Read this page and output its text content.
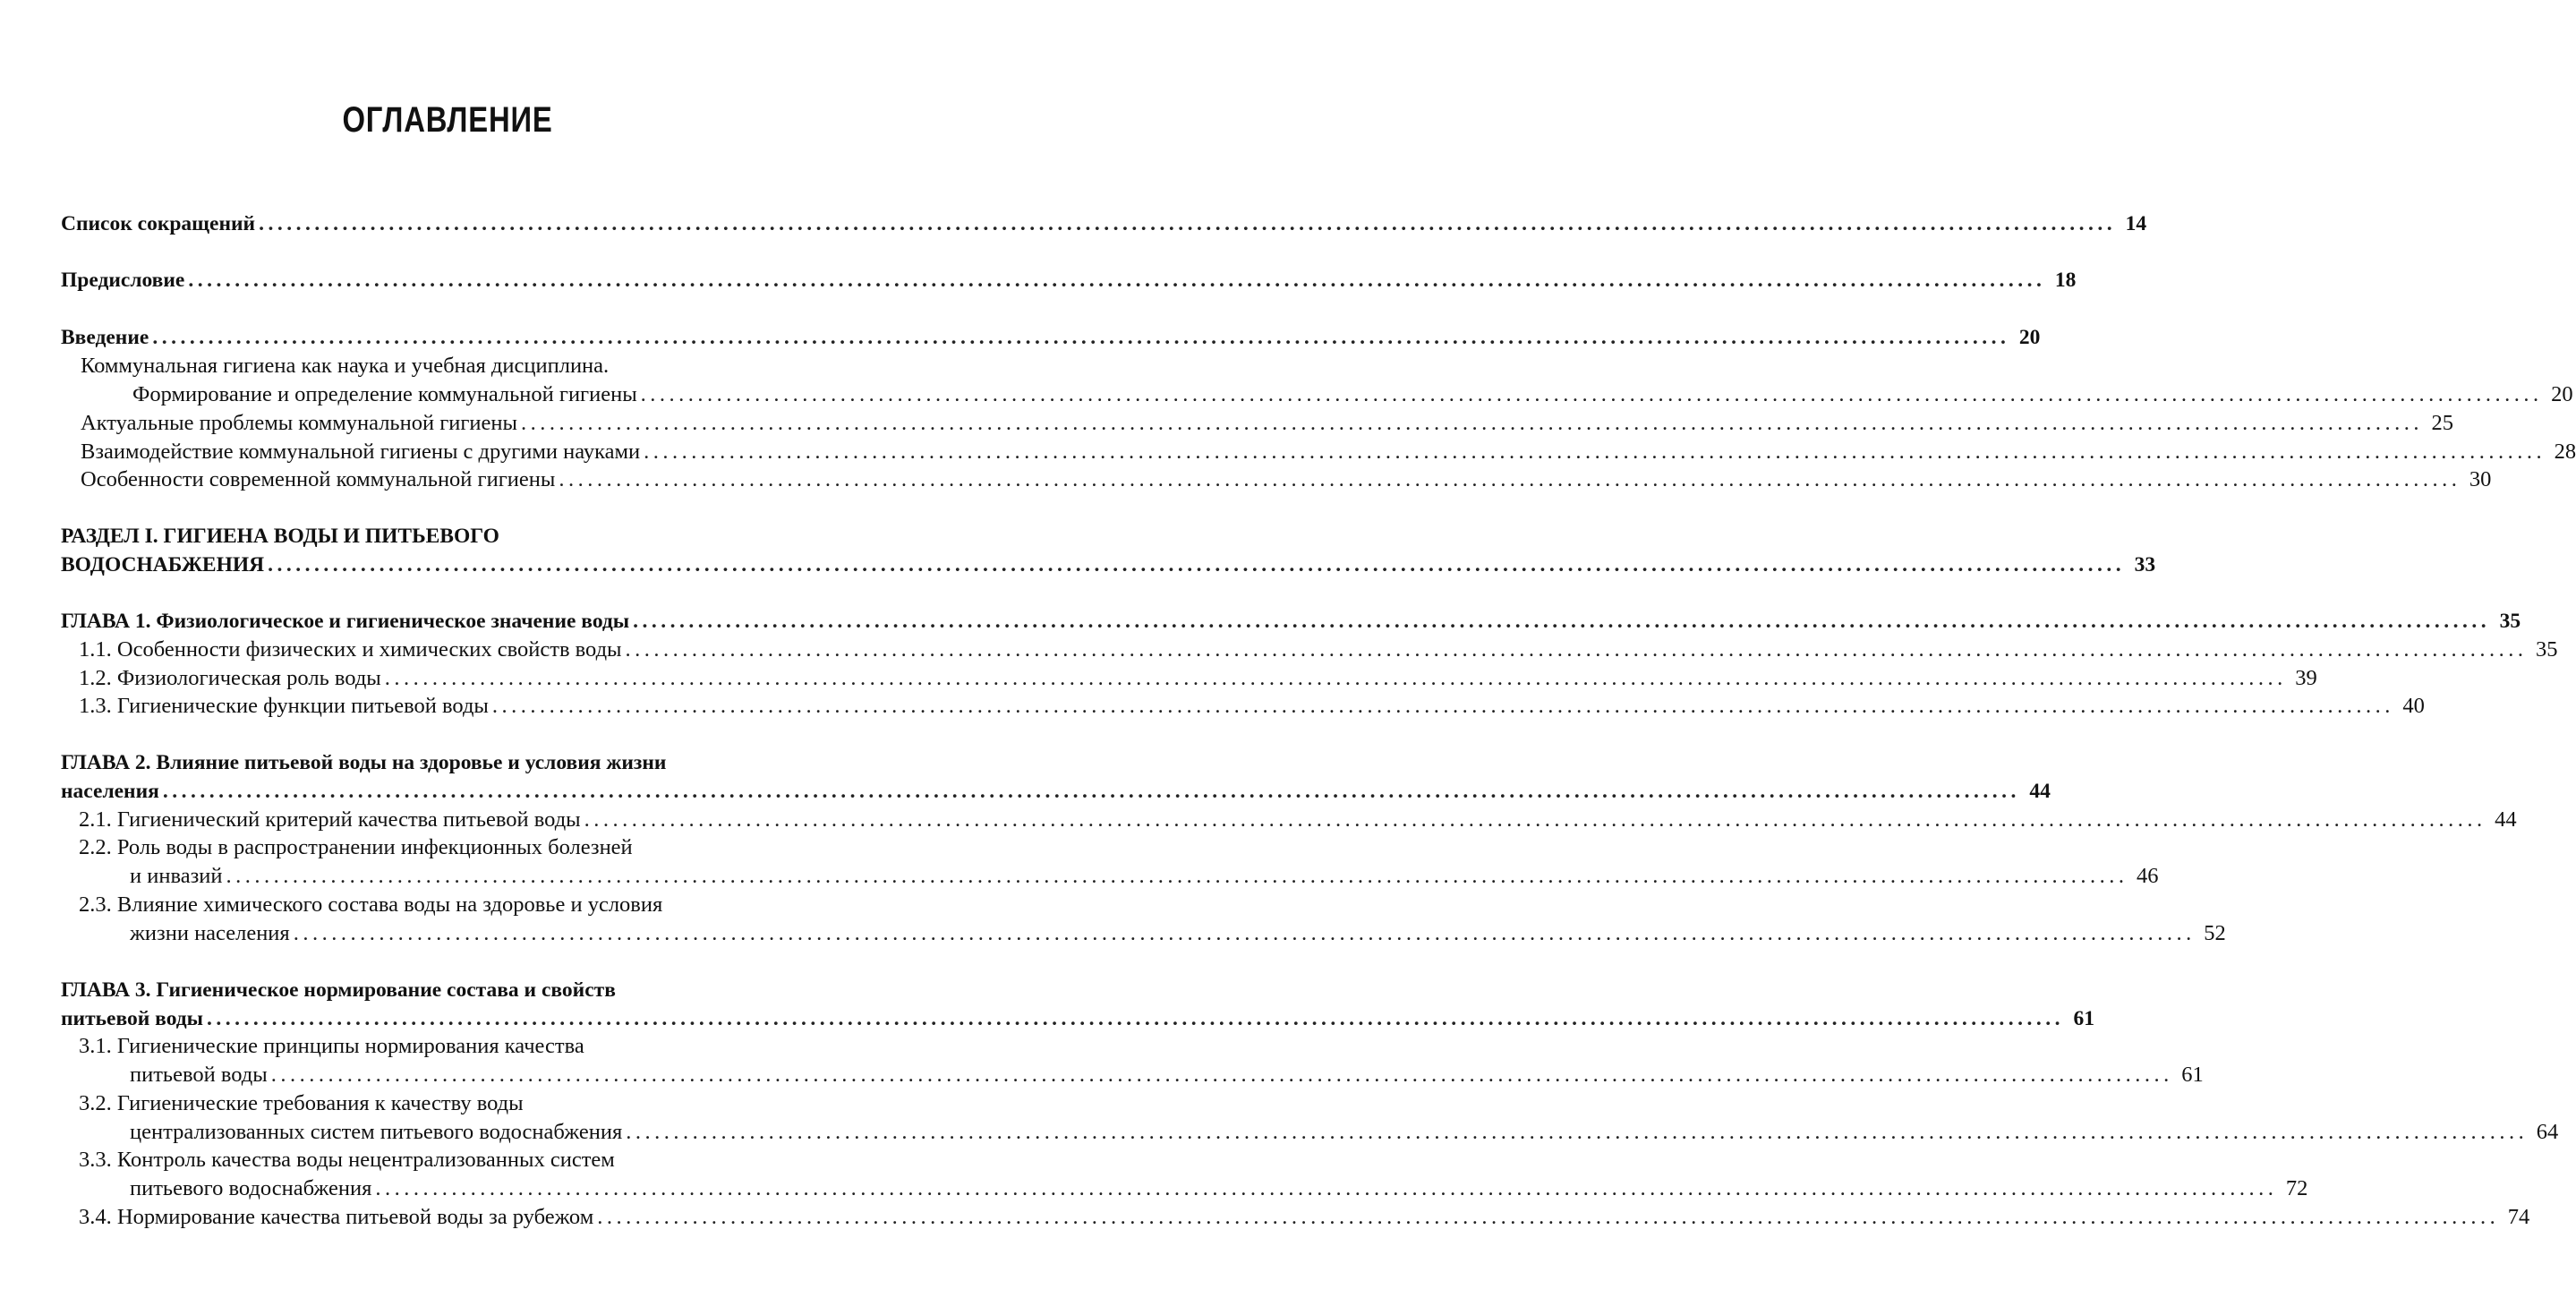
ОГЛАВЛЕНИЕ
Список сокращений ........................................................................................................................................................................................................ 14
Предисловие ........................................................................................................................................................................................................ 18
Введение ........................................................................................................................................................................................................ 20
Коммунальная гигиена как наука и учебная дисциплина.
Формирование и определение коммунальной гигиены ........................................................................................................................................................................................................ 20
Актуальные проблемы коммунальной гигиены ........................................................................................................................................................................................................ 25
Взаимодействие коммунальной гигиены с другими науками ........................................................................................................................................................................................................ 28
Особенности современной коммунальной гигиены ........................................................................................................................................................................................................ 30
РАЗДЕЛ I. ГИГИЕНА ВОДЫ И ПИТЬЕВОГО
ВОДОСНАБЖЕНИЯ ........................................................................................................................................................................................................ 33
ГЛАВА 1. Физиологическое и гигиеническое значение воды ........................................................................................................................................................................................................ 35
1.1. Особенности физических и химических свойств воды ........................................................................................................................................................................................................ 35
1.2. Физиологическая роль воды ........................................................................................................................................................................................................ 39
1.3. Гигиенические функции питьевой воды ........................................................................................................................................................................................................ 40
ГЛАВА 2. Влияние питьевой воды на здоровье и условия жизни
населения ........................................................................................................................................................................................................ 44
2.1. Гигиенический критерий качества питьевой воды ........................................................................................................................................................................................................ 44
2.2. Роль воды в распространении инфекционных болезней
и инвазий ........................................................................................................................................................................................................ 46
2.3. Влияние химического состава воды на здоровье и условия
жизни населения ........................................................................................................................................................................................................ 52
ГЛАВА 3. Гигиеническое нормирование состава и свойств
питьевой воды ........................................................................................................................................................................................................ 61
3.1. Гигиенические принципы нормирования качества
питьевой воды ........................................................................................................................................................................................................ 61
3.2. Гигиенические требования к качеству воды
централизованных систем питьевого водоснабжения ........................................................................................................................................................................................................ 64
3.3. Контроль качества воды нецентрализованных систем
питьевого водоснабжения ........................................................................................................................................................................................................ 72
3.4. Нормирование качества питьевой воды за рубежом ........................................................................................................................................................................................................ 74
